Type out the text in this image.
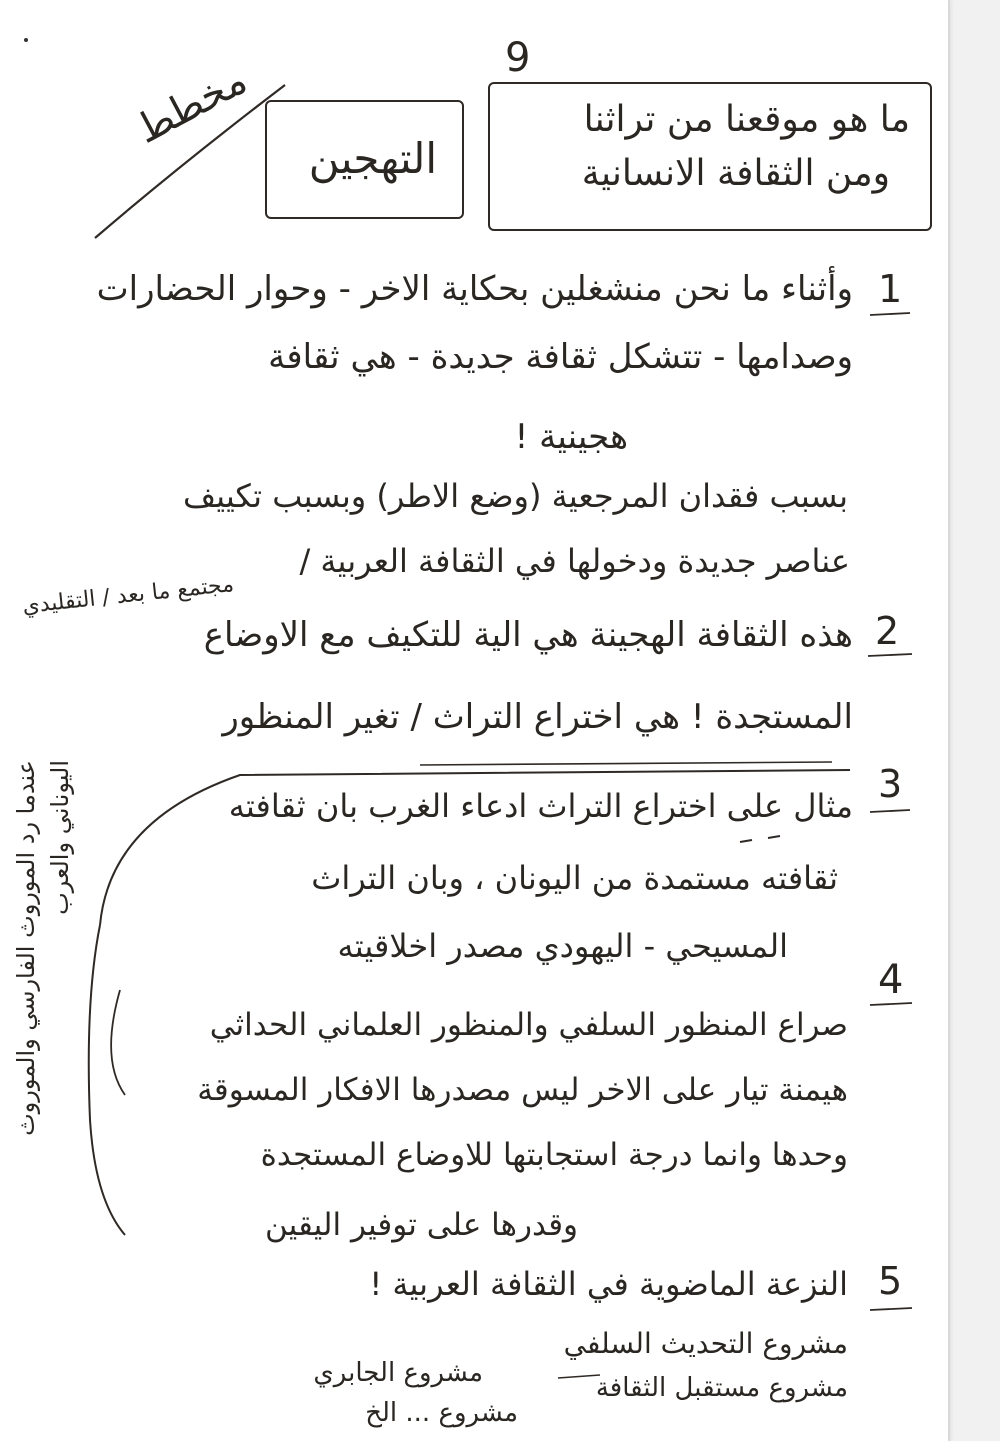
9
مخطط	ما هو موقعنا من تراثنا
ومن الثقافة الانسانية
التهجين
1
وأثناء ما نحن منشغلين بحكاية الاخر - وحوار الحضارات
وصدامها - تتشكل ثقافة جديدة - هي ثقافة
هجينية !
بسبب فقدان المرجعية (وضع الاطر) وبسبب تكييف
عناصر جديدة ودخولها في الثقافة العربية /
مجتمع ما بعد / التقليدي
2
هذه الثقافة الهجينة هي الية للتكيف مع الاوضاع
المستجدة ! هي اختراع التراث / تغير المنظور
3
مثال على اختراع التراث ادعاء الغرب بان ثقافته
ثقافته مستمدة من اليونان ، وبان التراث
المسيحي - اليهودي مصدر اخلاقيته
4
صراع المنظور السلفي والمنظور العلماني الحداثي
هيمنة تيار على الاخر ليس مصدرها الافكار المسوقة
وحدها وانما درجة استجابتها للاوضاع المستجدة
وقدرها على توفير اليقين
5
النزعة الماضوية في الثقافة العربية !
مشروع التحديث السلفي
مشروع مستقبل الثقافة
مشروع الجابري
مشروع ... الخ
عندما رد الموروث الفارسي والموروث اليوناني والعرب
